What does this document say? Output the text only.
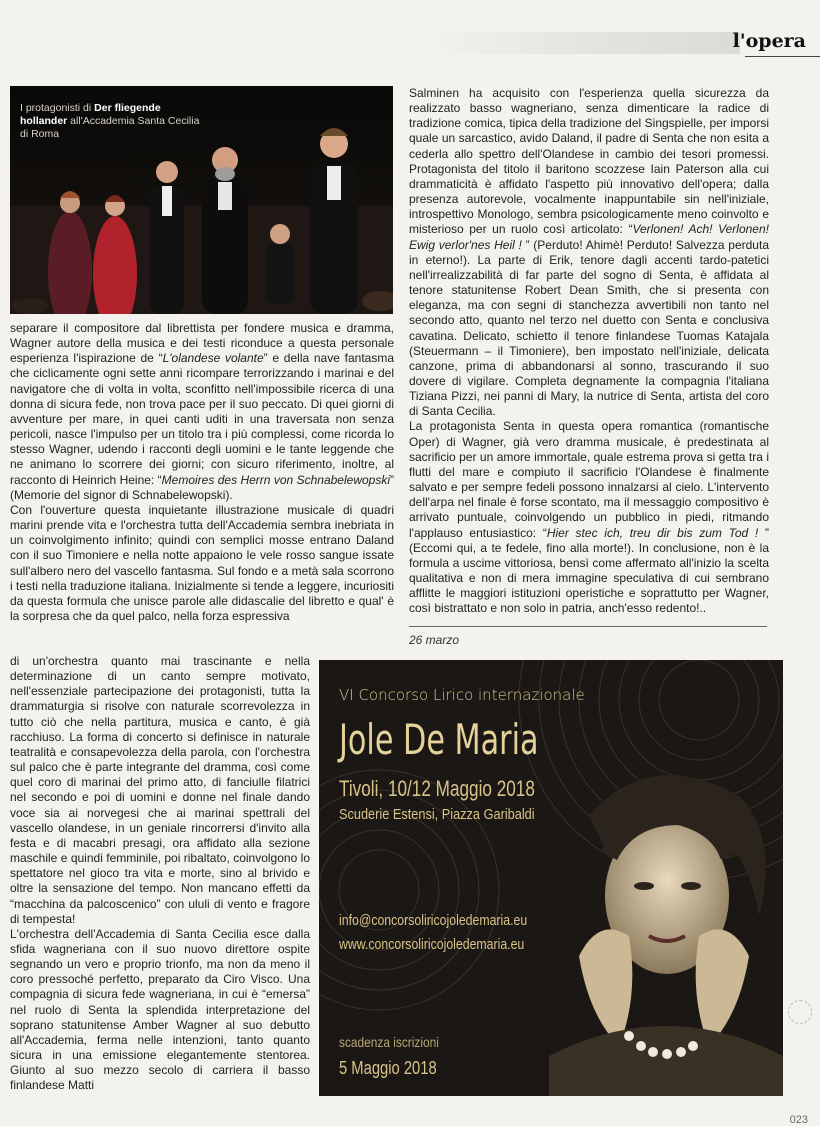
l'opera
I protagonisti di Der fliegende hollander all'Accademia Santa Cecilia di Roma

separare il compositore dal librettista per fondere musica e dramma, Wagner autore della musica e dei testi riconduce a questa personale esperienza l'ispirazione de “L'olandese volante” e della nave fantasma che ciclicamente ogni sette anni ricompare terrorizzando i marinai e del navigatore che di volta in volta, sconfitto nell'impossibile ricerca di una donna di sicura fede, non trova pace per il suo peccato. Di quei giorni di avventure per mare, in quei canti uditi in una traversata non senza pericoli, nasce l'impulso per un titolo tra i più complessi, come ricorda lo stesso Wagner, udendo i racconti degli uomini e le tante leggende che ne animano lo scorrere dei giorni; con sicuro riferimento, inoltre, al racconto di Heinrich Heine: “Memoires des Herrn von Schnabelewopski” (Memorie del signor di Schnabelewopski).

Con l'ouverture questa inquietante illustrazione musicale di quadri marini prende vita e l'orchestra tutta dell'Accademia sembra inebriata in un coinvolgimento infinito; quindi con semplici mosse entrano Daland con il suo Timoniere e nella notte appaiono le vele rosso sangue issate sull'albero nero del vascello fantasma. Sul fondo e a metà sala scorrono i testi nella traduzione italiana. Inizialmente si tende a leggere, incuriositi da questa formula che unisce parole alle didascalie del libretto e qual' è la sorpresa che da quel palco, nella forza espressiva

di un'orchestra quanto mai trascinante e nella determinazione di un canto sempre motivato, nell'essenziale partecipazione dei protagonisti, tutta la drammaturgia si risolve con naturale scorrevolezza in tutto ciò che nella partitura, musica e canto, è già racchiuso. La forma di concerto si definisce in naturale teatralità e consapevolezza della parola, con l'orchestra sul palco che è parte integrante del dramma, così come quel coro di marinai del primo atto, di fanciulle filatrici nel secondo e poi di uomini e donne nel finale dando voce sia ai norvegesi che ai marinai spettrali del vascello olandese, in un geniale rincorrersi d'invito alla festa e di macabri presagi, ora affidato alla sezione maschile e quindi femminile, poi ribaltato, coinvolgono lo spettatore nel gioco tra vita e morte, sino al brivido e oltre la sensazione del tempo. Non mancano effetti da “macchina da palcoscenico” con ululi di vento e fragore di tempesta!

L'orchestra dell'Accademia di Santa Cecilia esce dalla sfida wagneriana con il suo nuovo direttore ospite segnando un vero e proprio trionfo, ma non da meno il coro pressoché perfetto, preparato da Ciro Visco. Una compagnia di sicura fede wagneriana, in cui è “emersa” nel ruolo di Senta la splendida interpretazione del soprano statunitense Amber Wagner al suo debutto all'Accademia, ferma nelle intenzioni, tanto quanto sicura in una emissione elegantemente stentorea. Giunto al suo mezzo secolo di carriera il basso finlandese Matti

Salminen ha acquisito con l'esperienza quella sicurezza da realizzato basso wagneriano, senza dimenticare la radice di tradizione comica, tipica della tradizione del Singspielle, per imporsi quale un sarcastico, avido Daland, il padre di Senta che non esita a cederla allo spettro dell'Olandese in cambio dei tesori promessi. Protagonista del titolo il baritono scozzese Iain Paterson alla cui drammaticità è affidato l'aspetto più innovativo dell'opera; dalla presenza autorevole, vocalmente inappuntabile sin nell'iniziale, introspettivo Monologo, sembra psicologicamente meno coinvolto e misterioso per un ruolo così articolato: “Verlonen! Ach! Verlonen! Ewig verlor'nes Heil ! ” (Perduto! Ahimè! Perduto! Salvezza perduta in eterno!). La parte di Erik, tenore dagli accenti tardo-patetici nell'irrealizzabilità di far parte del sogno di Senta, è affidata al tenore statunitense Robert Dean Smith, che si presenta con eleganza, ma con segni di stanchezza avvertibili non tanto nel secondo atto, quanto nel terzo nel duetto con Senta e conclusiva cavatina. Delicato, schietto il tenore finlandese Tuomas Katajala (Steuermann – il Timoniere), ben impostato nell'iniziale, delicata canzone, prima di abbandonarsi al sonno, trascurando il suo dovere di vigilare. Completa degnamente la compagnia l'italiana Tiziana Pizzi, nei panni di Mary, la nutrice di Senta, artista del coro di Santa Cecilia.

La protagonista Senta in questa opera romantica (romantische Oper) di Wagner, già vero dramma musicale, è predestinata al sacrificio per un amore immortale, quale estrema prova si getta tra i flutti del mare e compiuto il sacrificio l'Olandese è finalmente salvato e per sempre fedeli possono innalzarsi al cielo. L'intervento dell'arpa nel finale è forse scontato, ma il messaggio compositivo è arrivato puntuale, coinvolgendo un pubblico in piedi, ritmando l'applauso entusiastico: “Hier stec ich, treu dir bis zum Tod ! ” (Eccomi qui, a te fedele, fino alla morte!). In conclusione, non è la formula a uscime vittoriosa, bensì come affermato all'inizio la scelta qualitativa e non di mera immagine speculativa di cui sembrano afflitte le maggiori istituzioni operistiche e soprattutto per Wagner, così bistrattato e non solo in patria, anch'esso redento!..

26 marzo
VI Concorso Lirico internazionale
Jole De Maria
Tivoli, 10/12 Maggio 2018
Scuderie Estensi, Piazza Garibaldi
info@concorsoliricojoledemaria.eu
www.concorsoliricojoledemaria.eu
scadenza iscrizioni
5 Maggio 2018
023
